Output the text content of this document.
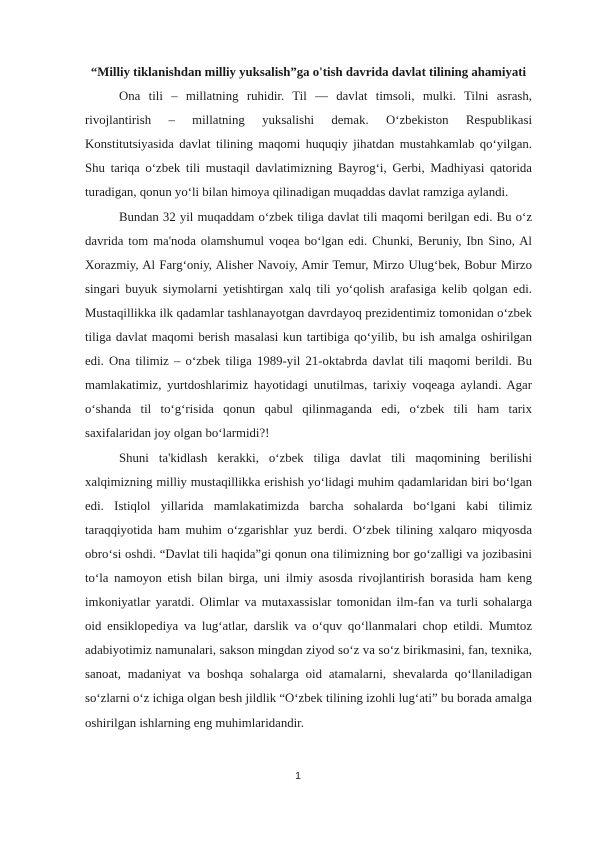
“Milliy tiklanishdan milliy yuksalish”ga o'tish davrida davlat tilining ahamiyati

Ona tili – millatning ruhidir. Til — davlat timsoli, mulki. Tilni asrash, rivojlantirish – millatning yuksalishi demak. O‘zbekiston Respublikasi Konstitutsiyasida davlat tilining maqomi huquqiy jihatdan mustahkamlab qo‘yilgan. Shu tariqa o‘zbek tili mustaqil davlatimizning Bayrog‘i, Gerbi, Madhiyasi qatorida turadigan, qonun yo‘li bilan himoya qilinadigan muqaddas davlat ramziga aylandi.

Bundan 32 yil muqaddam o‘zbek tiliga davlat tili maqomi berilgan edi. Bu o‘z davrida tom ma'noda olamshumul voqea bo‘lgan edi. Chunki, Beruniy, Ibn Sino, Al Xorazmiy, Al Farg‘oniy, Alisher Navoiy, Amir Temur, Mirzo Ulug‘bek, Bobur Mirzo singari buyuk siymolarni yetishtirgan xalq tili yo‘qolish arafasiga kelib qolgan edi. Mustaqillikka ilk qadamlar tashlanayotgan davrdayoq prezidentimiz tomonidan o‘zbek tiliga davlat maqomi berish masalasi kun tartibiga qo‘yilib, bu ish amalga oshirilgan edi. Ona tilimiz – o‘zbek tiliga 1989-yil 21-oktabrda davlat tili maqomi berildi. Bu mamlakatimiz, yurtdoshlarimiz hayotidagi unutilmas, tarixiy voqeaga aylandi. Agar o‘shanda til to‘g‘risida qonun qabul qilinmaganda edi, o‘zbek tili ham tarix saxifalaridan joy olgan bo‘larmidi?!

Shuni ta'kidlash kerakki, o‘zbek tiliga davlat tili maqomining berilishi xalqimizning milliy mustaqillikka erishish yo‘lidagi muhim qadamlaridan biri bo‘lgan edi. Istiqlol yillarida mamlakatimizda barcha sohalarda bo‘lgani kabi tilimiz taraqqiyotida ham muhim o‘zgarishlar yuz berdi. O‘zbek tilining xalqaro miqyosda obro‘si oshdi. “Davlat tili haqida”gi qonun ona tilimizning bor go‘zalligi va jozibasini to‘la namoyon etish bilan birga, uni ilmiy asosda rivojlantirish borasida ham keng imkoniyatlar yaratdi. Olimlar va mutaxassislar tomonidan ilm-fan va turli sohalarga oid ensiklopediya va lug‘atlar, darslik va o‘quv qo‘llanmalari chop etildi. Mumtoz adabiyotimiz namunalari, sakson mingdan ziyod so‘z va so‘z birikmasini, fan, texnika, sanoat, madaniyat va boshqa sohalarga oid atamalarni, shevalarda qo‘llaniladigan so‘zlarni o‘z ichiga olgan besh jildlik “O‘zbek tilining izohli lug‘ati” bu borada amalga oshirilgan ishlarning eng muhimlaridandir.

1
